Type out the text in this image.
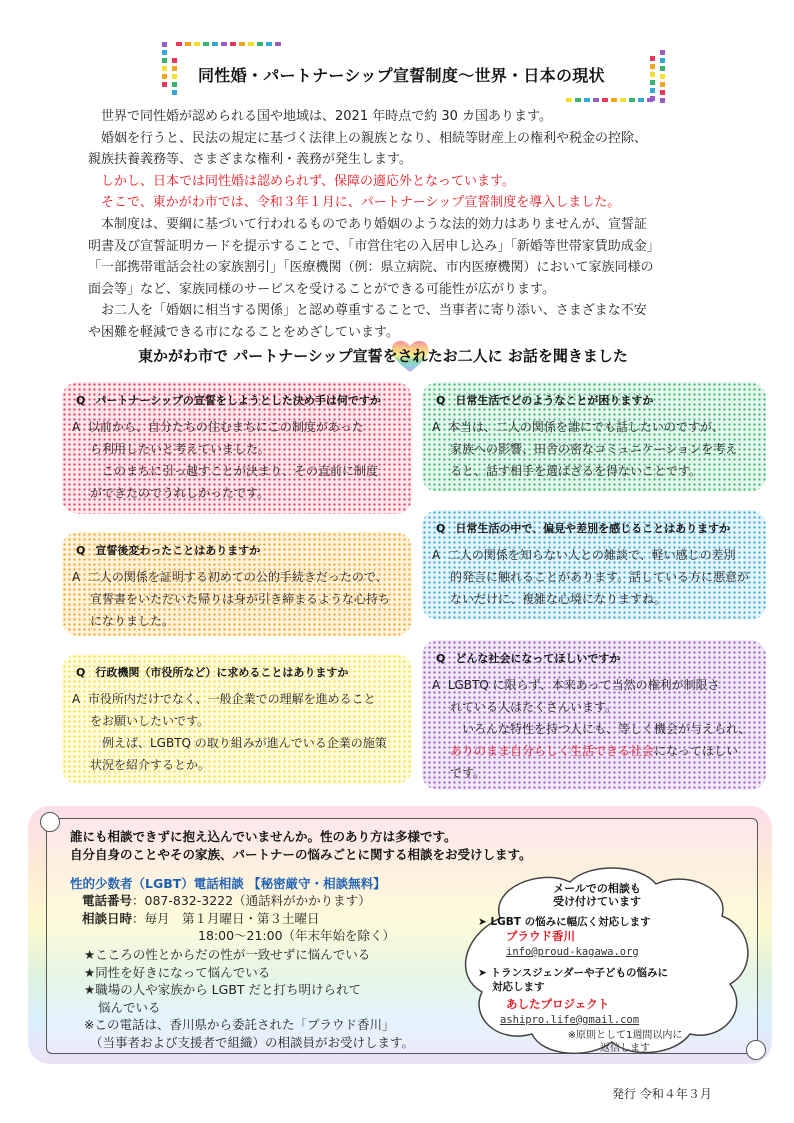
同性婚・パートナーシップ宣誓制度～世界・日本の現状

世界で同性婚が認められる国や地域は、2021 年時点で約 30 カ国あります。

婚姻を行うと、民法の規定に基づく法律上の親族となり、相続等財産上の権利や税金の控除、

親族扶養義務等、さまざまな権利・義務が発生します。

しかし、日本では同性婚は認められず、保障の適応外となっています。

そこで、東かがわ市では、令和３年１月に、パートナーシップ宣誓制度を導入しました。

本制度は、要綱に基づいて行われるものであり婚姻のような法的効力はありませんが、宣誓証

明書及び宣誓証明カードを提示することで、「市営住宅の入居申し込み」「新婚等世帯家賃助成金」
「一部携帯電話会社の家族割引」「医療機関（例：県立病院、市内医療機関）において家族同様の
面会等」など、家族同様のサービスを受けることができる可能性が広がります。

お二人を「婚姻に相当する関係」と認め尊重することで、当事者に寄り添い、さまざまな不安

や困難を軽減できる市になることをめざしています。
東かがわ市で パートナーシップ宣誓をされたお二人に お話を聞きました
Q パートナーシップの宣誓をしようとした決め手は何ですか
A 以前から、自分たちの住むまちにこの制度があった
ら利用したいと考えていました。
このまちに引っ越すことが決まり、その直前に制度
ができたのでうれしかったです。
Q 日常生活でどのようなことが困りますか
A 本当は、二人の関係を誰にでも話したいのですが、
家族への影響、田舎の密なコミュニケーションを考え
ると、話す相手を選ばざるを得ないことです。
Q 宣誓後変わったことはありますか
A 二人の関係を証明する初めての公的手続きだったので、
宣誓書をいただいた帰りは身が引き締まるような心持ち
になりました。
Q 日常生活の中で、偏見や差別を感じることはありますか
A 二人の関係を知らない人との雑談で、軽い感じの差別
的発言に触れることがあります。話している方に悪意が
ないだけに、複雑な心境になりますね。
Q 行政機関（市役所など）に求めることはありますか
A 市役所内だけでなく、一般企業での理解を進めること
をお願いしたいです。
例えば、LGBTQ の取り組みが進んでいる企業の施策
状況を紹介するとか。
Q どんな社会になってほしいですか
A LGBTQ に限らず、本来あって当然の権利が制限さ
れている人はたくさんいます。
いろんな特性を持つ人にも、等しく機会が与えられ、
ありのまま自分らしく生活できる社会になってほしい
です。
誰にも相談できずに抱え込んでいませんか。性のあり方は多様です。
自分自身のことやその家族、パートナーの悩みごとに関する相談をお受けします。
性的少数者（LGBT）電話相談 【秘密厳守・相談無料】
電話番号：087-832-3222（通話料がかかります）
相談日時：毎月　第１月曜日・第３土曜日
18:00～21:00（年末年始を除く）
★こころの性とからだの性が一致せずに悩んでいる
★同性を好きになって悩んでいる
★職場の人や家族から LGBT だと打ち明けられて
悩んでいる
※この電話は、香川県から委託された「プラウド香川」
（当事者および支援者で組織）の相談員がお受けします。
メールでの相談も
受け付けています
➤ LGBT の悩みに幅広く対応します
プラウド香川
info@proud-kagawa.org
➤ トランスジェンダーや子どもの悩みに
対応します
あしたプロジェクト
ashipro.life@gmail.com
※原則として1週間以内に
返信します
発行 令和４年３月
